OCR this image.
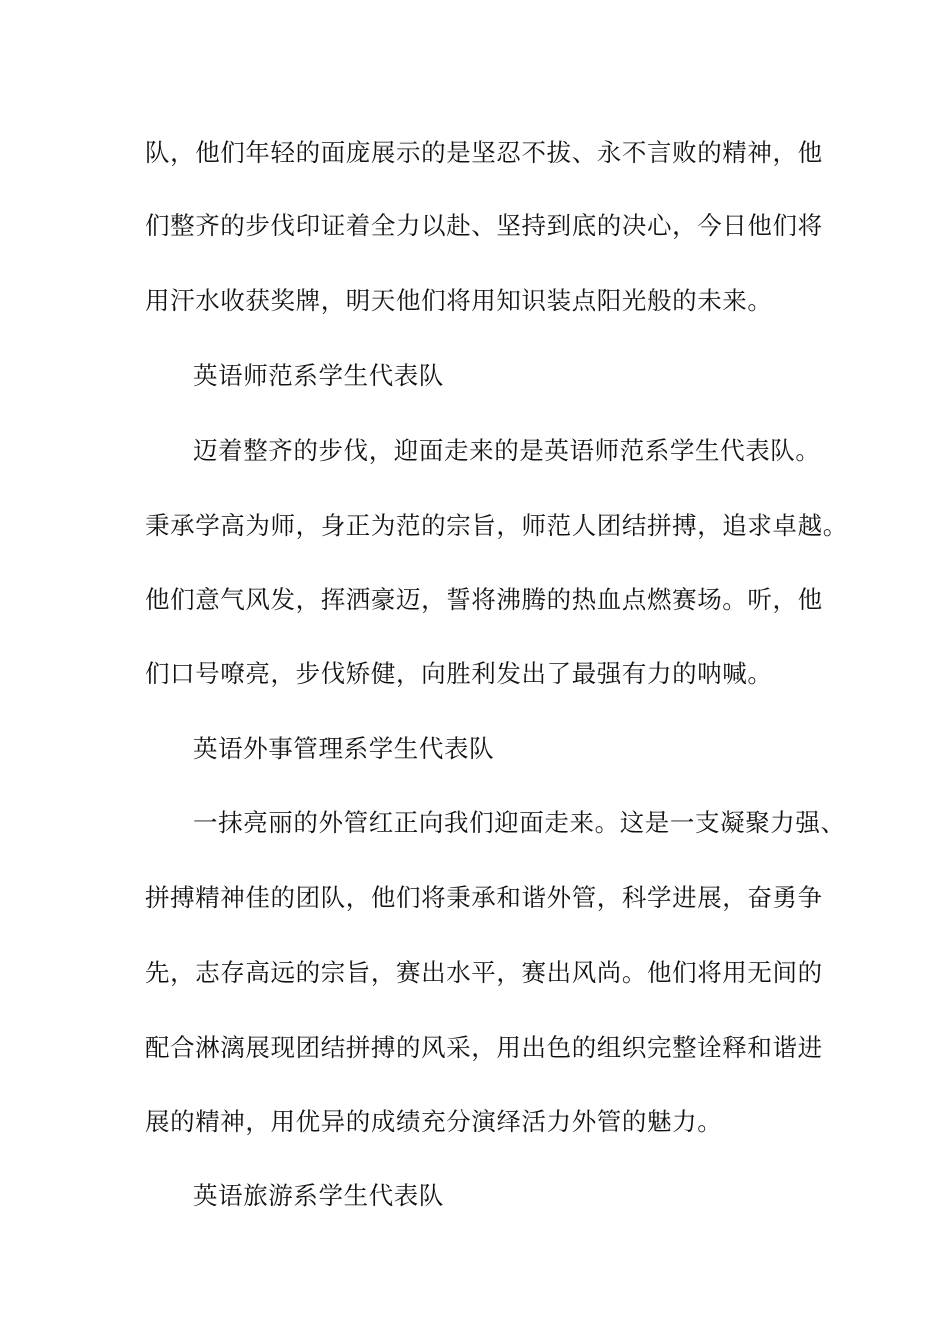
队，他们年轻的面庞展示的是坚忍不拔、永不言败的精神，他
们整齐的步伐印证着全力以赴、坚持到底的决心，今日他们将
用汗水收获奖牌，明天他们将用知识装点阳光般的未来。
英语师范系学生代表队
迈着整齐的步伐，迎面走来的是英语师范系学生代表队。
秉承学高为师，身正为范的宗旨，师范人团结拼搏，追求卓越。
他们意气风发，挥洒豪迈，誓将沸腾的热血点燃赛场。听，他
们口号嘹亮，步伐矫健，向胜利发出了最强有力的呐喊。
英语外事管理系学生代表队
一抹亮丽的外管红正向我们迎面走来。这是一支凝聚力强、
拼搏精神佳的团队，他们将秉承和谐外管，科学进展，奋勇争
先，志存高远的宗旨，赛出水平，赛出风尚。他们将用无间的
配合淋漓展现团结拼搏的风采，用出色的组织完整诠释和谐进
展的精神，用优异的成绩充分演绎活力外管的魅力。
英语旅游系学生代表队
